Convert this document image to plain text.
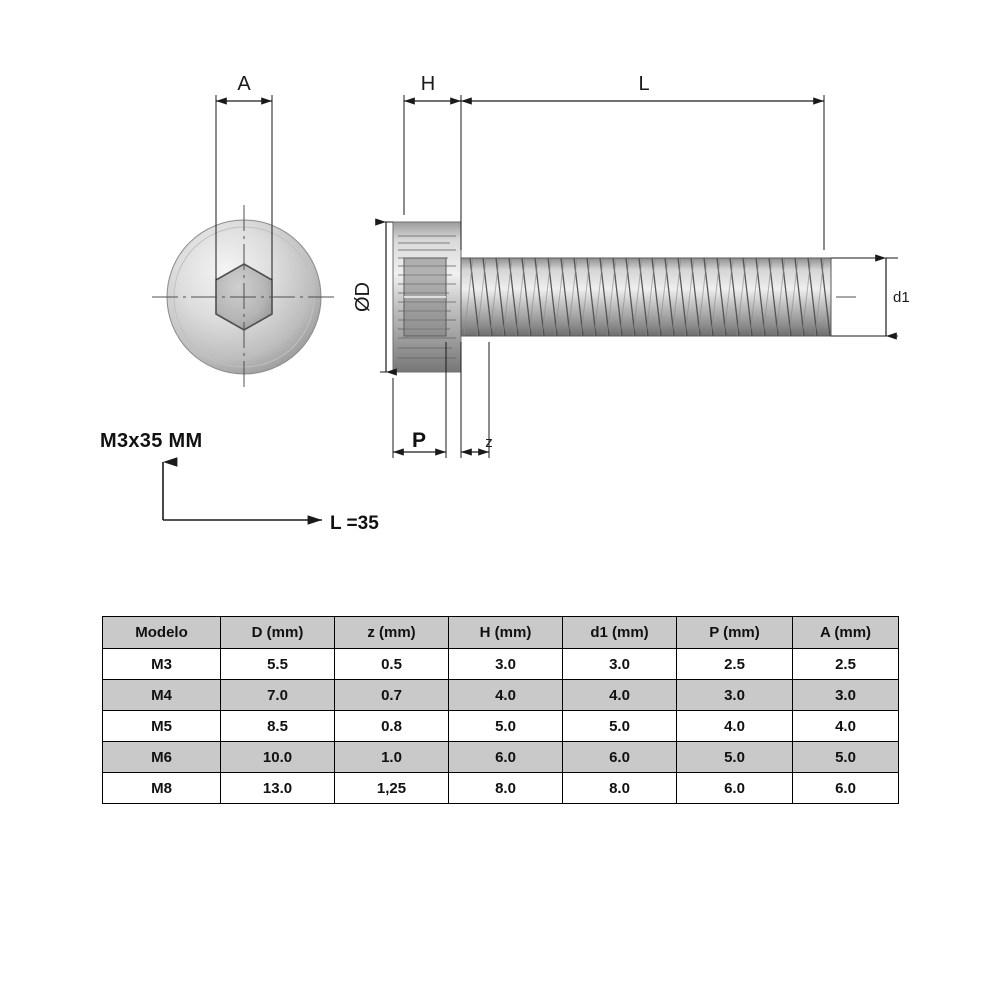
A
ØD
H	L
d1
P	z
M3x35 MM
L =35
Modelo	D (mm)	z (mm)	H (mm)	d1 (mm)	P (mm)	A (mm)
M3	5.5	0.5	3.0	3.0	2.5	2.5
M4	7.0	0.7	4.0	4.0	3.0	3.0
M5	8.5	0.8	5.0	5.0	4.0	4.0
M6	10.0	1.0	6.0	6.0	5.0	5.0
M8	13.0	1,25	8.0	8.0	6.0	6.0
